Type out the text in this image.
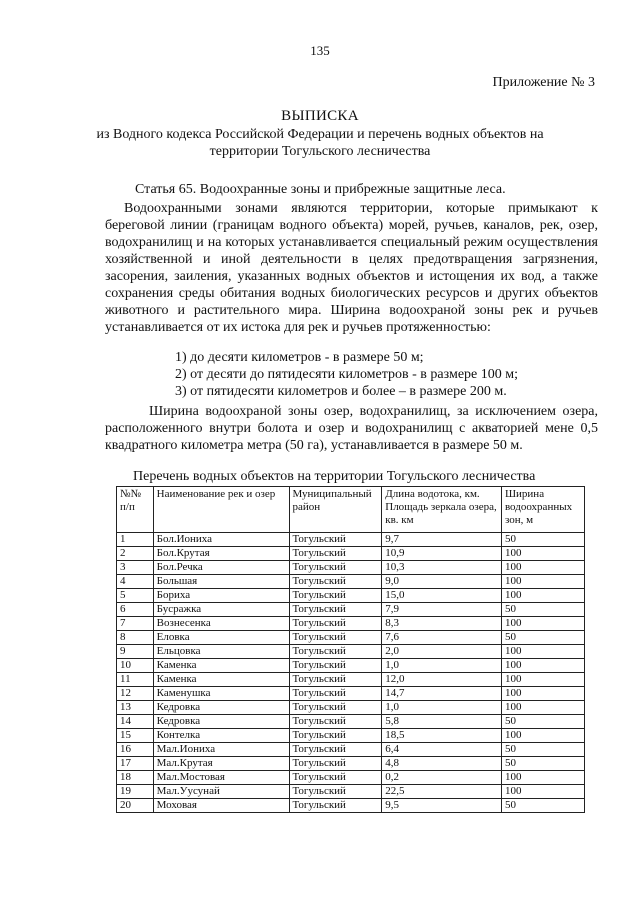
135
Приложение № 3
ВЫПИСКА
из Водного кодекса Российской Федерации и перечень водных объектов на
территории Тогульского лесничества
Статья 65. Водоохранные зоны и прибрежные защитные леса.
Водоохранными зонами являются территории, которые примыкают к береговой линии (границам водного объекта) морей, ручьев, каналов, рек, озер, водохранилищ и на которых устанавливается специальный режим осуществления хозяйственной и иной деятельности в целях предотвращения загрязнения, засорения, заиления, указанных водных объектов и истощения их вод, а также сохранения среды обитания водных биологических ресурсов и других объектов животного и растительного мира. Ширина водоохраной зоны рек и ручьев устанавливается от их истока для рек и ручьев протяженностью:
1) до десяти километров - в размере 50 м;
2) от десяти до пятидесяти километров - в размере 100 м;
3) от пятидесяти километров и более – в размере 200 м.
Ширина водоохраной зоны озер, водохранилищ, за исключением озера, расположенного внутри болота и озер и водохранилищ с акваторией мене 0,5 квадратного километра метра (50 га), устанавливается в размере 50 м.
Перечень водных объектов на территории Тогульского лесничества
№№ п/п	Наименование рек и озер	Муниципальный район	Длина водотока, км. Площадь зеркала озера, кв. км	Ширина водоохранных зон, м
1	Бол.Иониха	Тогульский	9,7	50
2	Бол.Крутая	Тогульский	10,9	100
3	Бол.Речка	Тогульский	10,3	100
4	Большая	Тогульский	9,0	100
5	Бориха	Тогульский	15,0	100
6	Бусражка	Тогульский	7,9	50
7	Вознесенка	Тогульский	8,3	100
8	Еловка	Тогульский	7,6	50
9	Ельцовка	Тогульский	2,0	100
10	Каменка	Тогульский	1,0	100
11	Каменка	Тогульский	12,0	100
12	Каменушка	Тогульский	14,7	100
13	Кедровка	Тогульский	1,0	100
14	Кедровка	Тогульский	5,8	50
15	Контелка	Тогульский	18,5	100
16	Мал.Иониха	Тогульский	6,4	50
17	Мал.Крутая	Тогульский	4,8	50
18	Мал.Мостовая	Тогульский	0,2	100
19	Мал.Уусунай	Тогульский	22,5	100
20	Моховая	Тогульский	9,5	50
